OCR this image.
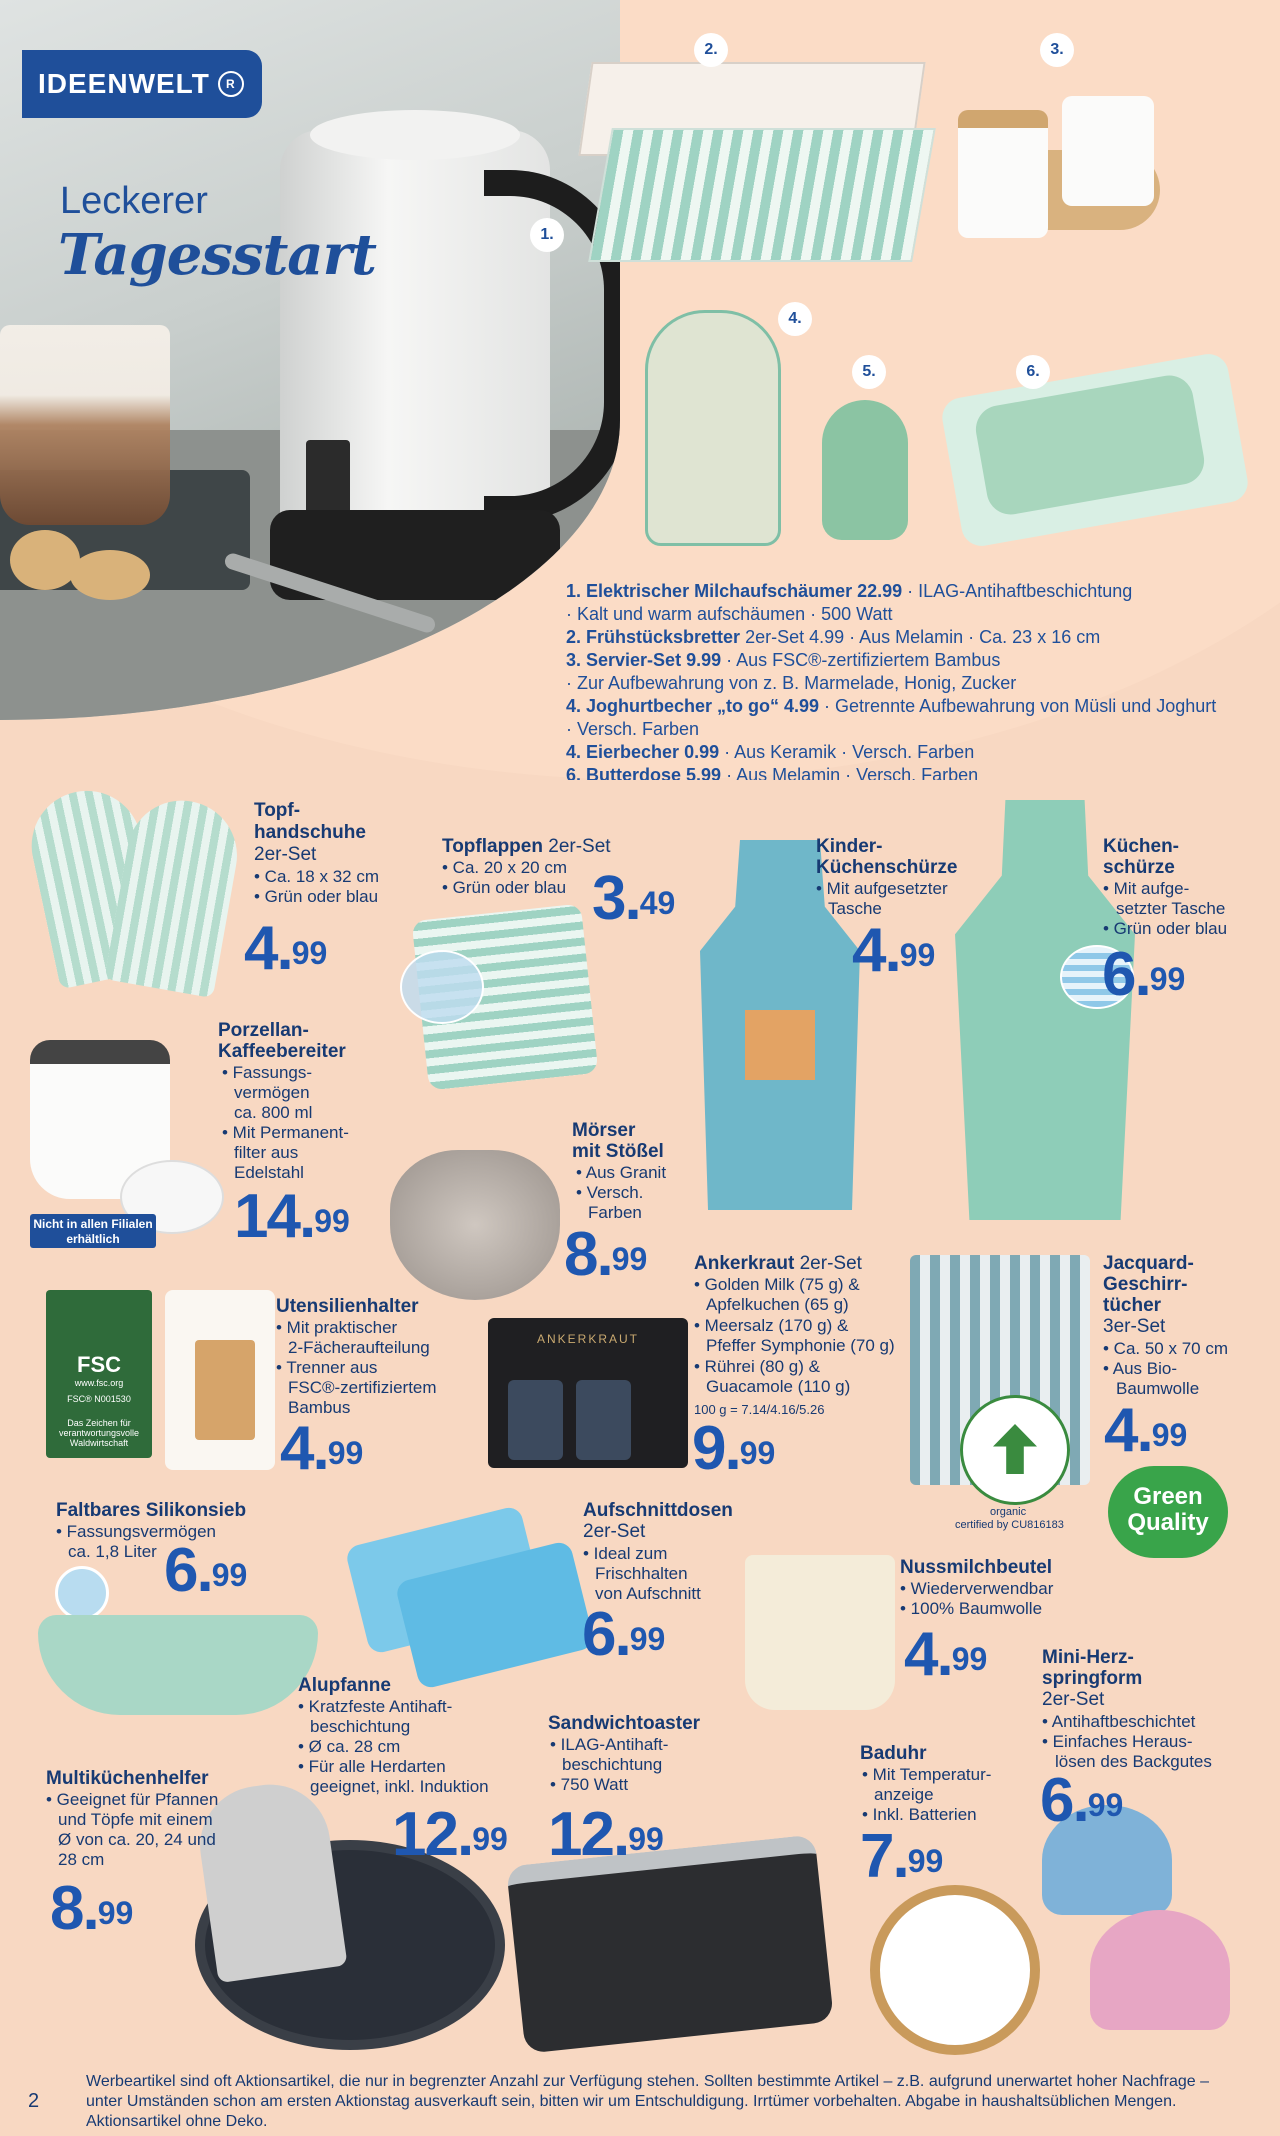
IDEENWELT	R
Leckerer
Tagesstart	1.
2.	3.
4.
5.	6.
1. Elektrischer Milchaufschäumer 22.99 · ILAG-Antihaftbeschichtung
· Kalt und warm aufschäumen · 500 Watt
2. Frühstücksbretter 2er-Set 4.99 · Aus Melamin · Ca. 23 x 16 cm
3. Servier-Set 9.99 · Aus FSC®-zertifiziertem Bambus
· Zur Aufbewahrung von z. B. Marmelade, Honig, Zucker
4. Joghurtbecher „to go“ 4.99 · Getrennte Aufbewahrung von Müsli und Joghurt
· Versch. Farben
4. Eierbecher 0.99 · Aus Keramik · Versch. Farben
6. Butterdose 5.99 · Aus Melamin · Versch. Farben
ANKERKRAUT
FSC
www.fsc.org
FSC® N001530
Das Zeichen für verantwortungsvolle Waldwirtschaft
organic
certified by CU816183
Green
Quality
Topf-
handschuhe
2er-Set
• Ca. 18 x 32 cm
• Grün oder blau
4.99
Topflappen 2er-Set
• Ca. 20 x 20 cm
• Grün oder blau 3.49
Kinder-
Küchenschürze
• Mit aufgesetzter
Tasche
4.99
Küchen-
schürze
• Mit aufge-
setzter Tasche
• Grün oder blau
6.99
Porzellan-
Kaffeebereiter
• Fassungs-
vermögen
ca. 800 ml
• Mit Permanent-
filter aus
Edelstahl
14.99
Nicht in allen Filialen erhältlich
Mörser
mit Stößel
• Aus Granit
• Versch.
Farben
8.99 Ankerkraut 2er-Set
• Golden Milk (75 g) &
Apfelkuchen (65 g)
• Meersalz (170 g) &
Pfeffer Symphonie (70 g)
• Rührei (80 g) &
Guacamole (110 g)
100 g = 7.14/4.16/5.26
9.99
Jacquard-
Geschirr-
tücher
3er-Set
• Ca. 50 x 70 cm
• Aus Bio-
Baumwolle
4.99
Utensilienhalter
• Mit praktischer
2-Fächeraufteilung
• Trenner aus
FSC®-zertifiziertem
Bambus
4.99
Faltbares Silikonsieb
• Fassungsvermögen
ca. 1,8 Liter 6.99
Aufschnittdosen
2er-Set
• Ideal zum
Frischhalten
von Aufschnitt
6.99
Nussmilchbeutel
• Wiederverwendbar
• 100% Baumwolle
4.99	Mini-Herz-
springform
2er-Set
• Antihaftbeschichtet
• Einfaches Heraus-
lösen des Backgutes
6.99
Alupfanne
• Kratzfeste Antihaft-
beschichtung
• Ø ca. 28 cm
• Für alle Herdarten
geeignet, inkl. Induktion
12.99
Sandwichtoaster
• ILAG-Antihaft-
beschichtung
• 750 Watt
12.99
Baduhr
• Mit Temperatur-
anzeige
• Inkl. Batterien
7.99
Multiküchenhelfer
• Geeignet für Pfannen
und Töpfe mit einem
Ø von ca. 20, 24 und
28 cm
8.99
2
Werbeartikel sind oft Aktionsartikel, die nur in begrenzter Anzahl zur Verfügung stehen. Sollten bestimmte Artikel – z.B. aufgrund unerwartet hoher Nachfrage – unter Umständen schon am ersten Aktionstag ausverkauft sein, bitten wir um Entschuldigung. Irrtümer vorbehalten. Abgabe in haushaltsüblichen Mengen. Aktionsartikel ohne Deko.
